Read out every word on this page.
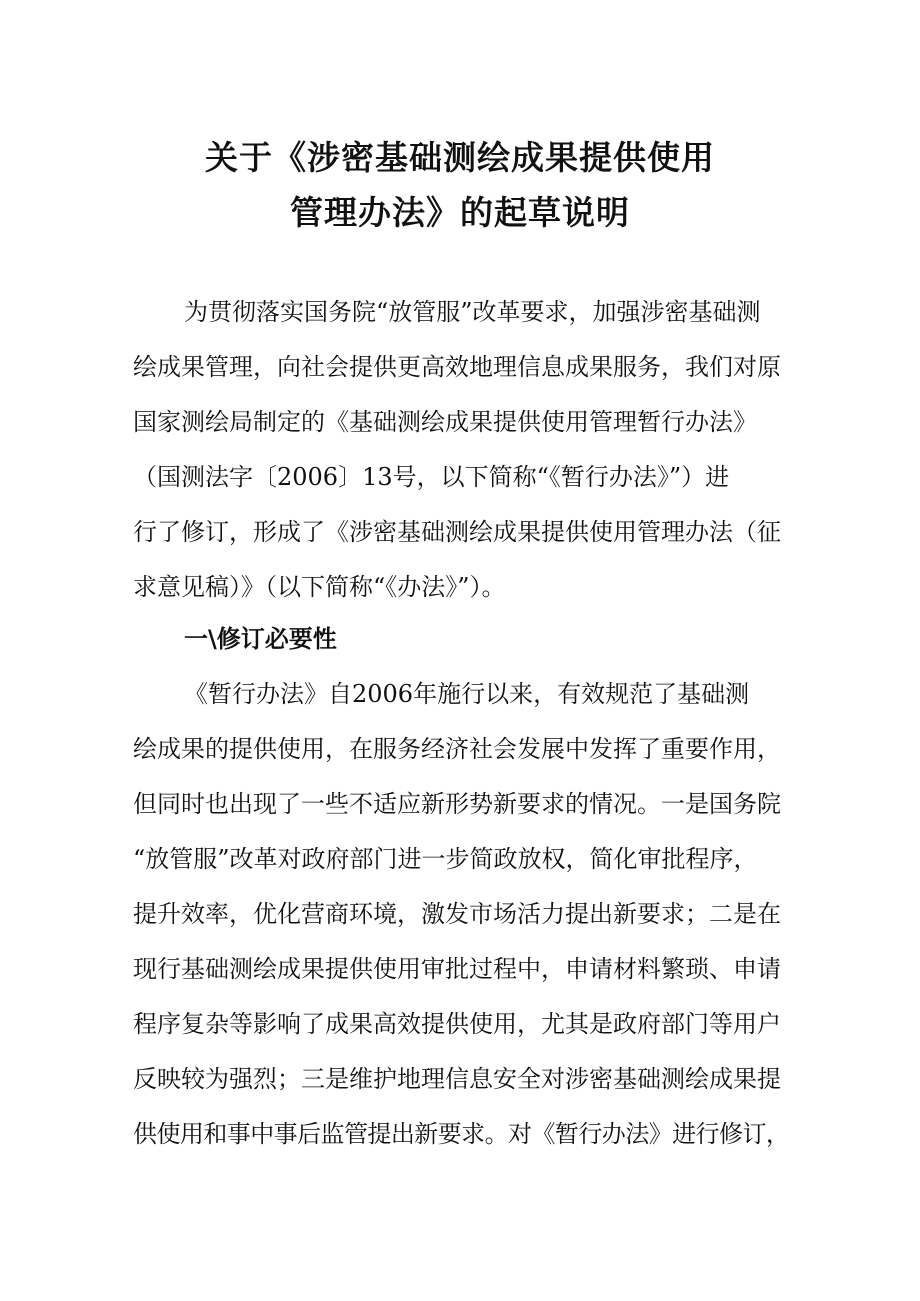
关于《涉密基础测绘成果提供使用
管理办法》的起草说明
为贯彻落实国务院“放管服”改革要求，加强涉密基础测
绘成果管理，向社会提供更高效地理信息成果服务，我们对原
国家测绘局制定的《基础测绘成果提供使用管理暂行办法》
（国测法字〔2006〕13号，以下简称“《暂行办法》”）进
行了修订，形成了《涉密基础测绘成果提供使用管理办法（征
求意见稿）》（以下简称“《办法》”）。
一\修订必要性
《暂行办法》自2006年施行以来，有效规范了基础测
绘成果的提供使用，在服务经济社会发展中发挥了重要作用，
但同时也出现了一些不适应新形势新要求的情况。一是国务院
“放管服”改革对政府部门进一步简政放权，简化审批程序，
提升效率，优化营商环境，激发市场活力提出新要求；二是在
现行基础测绘成果提供使用审批过程中，申请材料繁琐、申请
程序复杂等影响了成果高效提供使用，尤其是政府部门等用户
反映较为强烈；三是维护地理信息安全对涉密基础测绘成果提
供使用和事中事后监管提出新要求。对《暂行办法》进行修订，
